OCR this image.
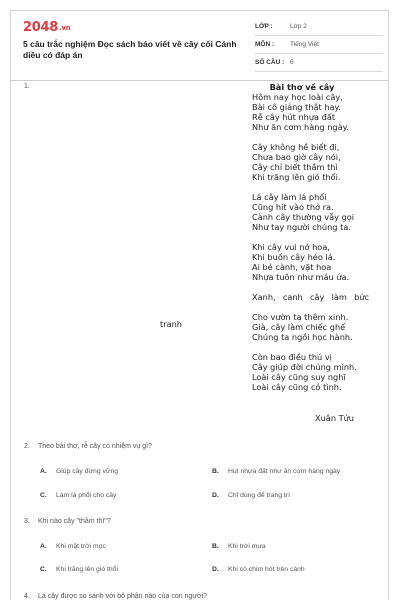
2048.vn
5 câu trắc nghiệm Đọc sách báo viết về cây cối Cánh diều có đáp án
LỚP :	Lớp 2
MÔN :	Tiếng Việt
SỐ CÂU : 6
1.	Bài thơ về cây
Hôm nay học loài cây,
Bài cô giảng thật hay.
Rễ cây hút nhựa đất
Như ăn cơm hàng ngày.
Cây không hề biết đi,
Chưa bao giờ cây nói,
Cây chỉ biết thầm thì
Khi trăng lên gió thổi.
Lá cây làm lá phổi
Cũng hít vào thở ra.
Cành cây thường vẫy gọi
Như tay người chúng ta.
Khi cây vui nở hoa,
Khi buồn cây héo lá.
Ai bẻ cành, vặt hoa
Nhựa tuôn như máu ứa.
Xanh, canh cây làm bức
Cho vườn ta thêm xinh.
Già, cây làm chiếc ghế
Chúng ta ngồi học hành.
Còn bao điều thú vị
Cây giúp đời chúng mình.
Loài cây cũng suy nghĩ
Loài cây cũng có tình.
tranh
Xuân Tửu
2. Theo bài thơ, rễ cây có nhiệm vụ gì?
A. Giúp cây đứng vững	B. Hút nhựa đất như ăn cơm hàng ngày
C. Làm lá phổi cho cây	D. Chỉ dùng để trang trí
3. Khi nào cây "thầm thì"?
A. Khi mặt trời mọc	B. Khi trời mưa
C. Khi trăng lên gió thổi	D. Khi có chim hót trên cành
4. Lá cây được so sánh với bộ phận nào của con người?
